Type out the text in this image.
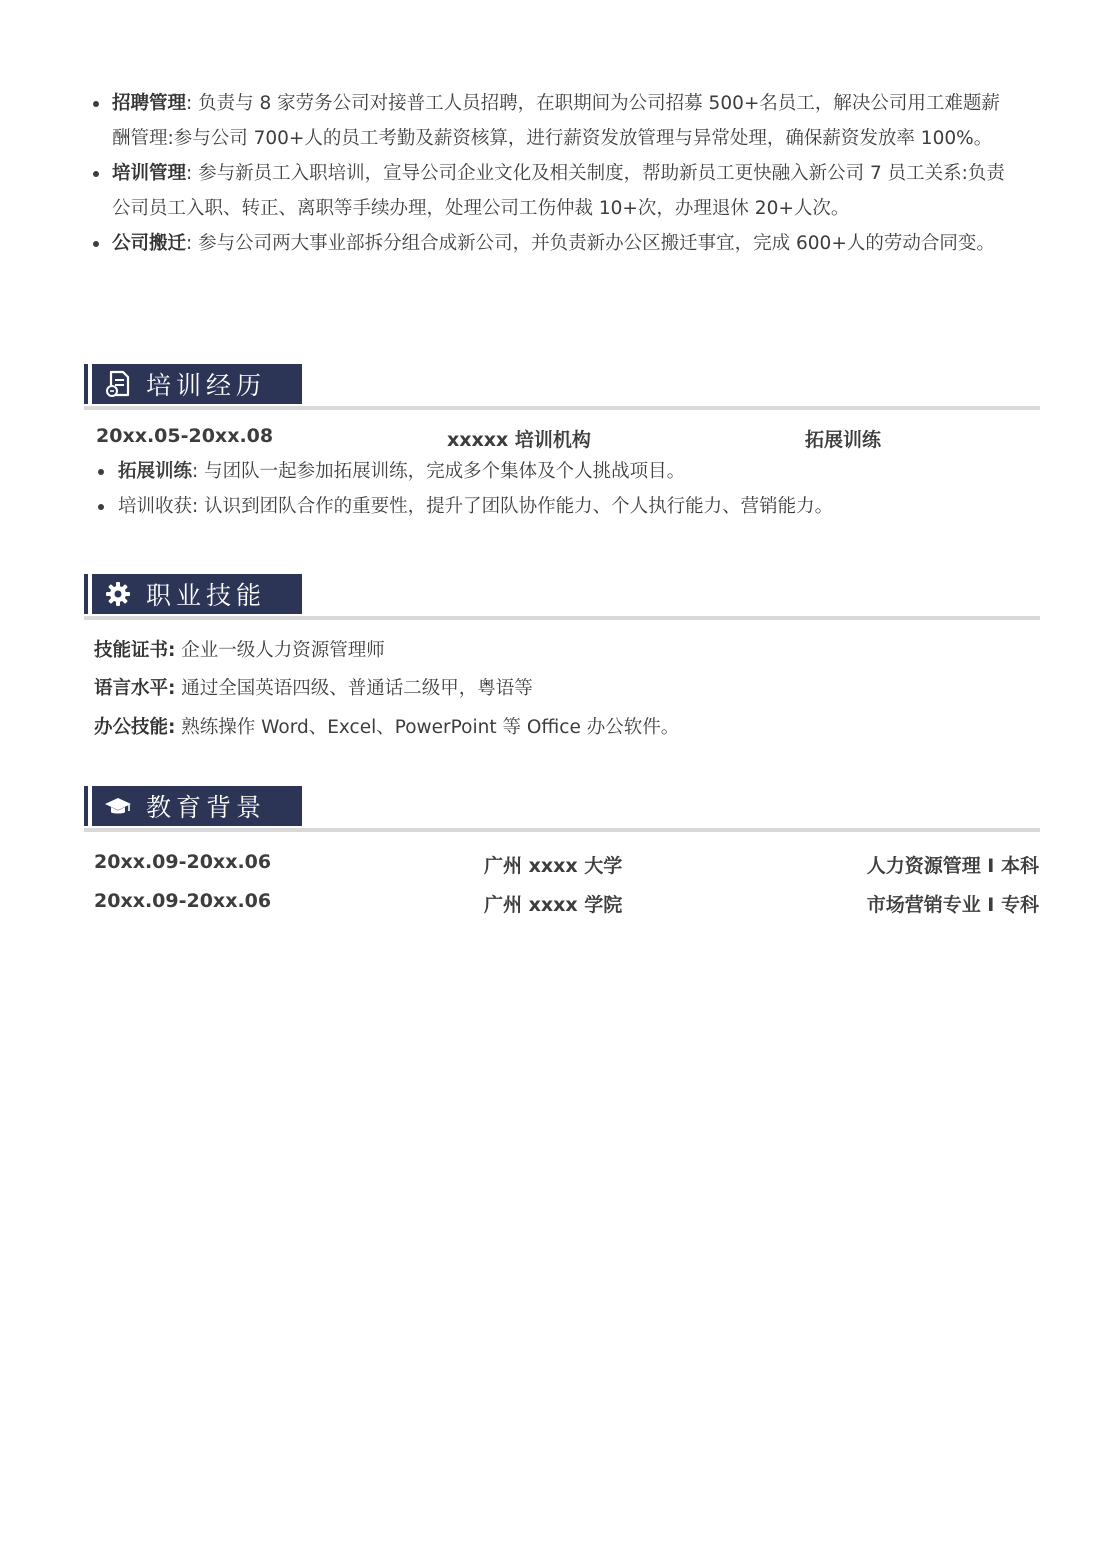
招聘管理: 负责与 8 家劳务公司对接普工人员招聘，在职期间为公司招募 500+名员工，解决公司用工难题薪酬管理:参与公司 700+人的员工考勤及薪资核算，进行薪资发放管理与异常处理，确保薪资发放率 100%。
培训管理: 参与新员工入职培训，宣导公司企业文化及相关制度，帮助新员工更快融入新公司 7 员工关系:负责公司员工入职、转正、离职等手续办理，处理公司工伤仲裁 10+次，办理退休 20+人次。
公司搬迁: 参与公司两大事业部拆分组合成新公司，并负责新办公区搬迁事宜，完成 600+人的劳动合同变。
培训经历
20xx.05-20xx.08	xxxxx 培训机构	拓展训练
拓展训练: 与团队一起参加拓展训练，完成多个集体及个人挑战项目。
培训收获: 认识到团队合作的重要性，提升了团队协作能力、个人执行能力、营销能力。
职业技能
技能证书: 企业一级人力资源管理师
语言水平: 通过全国英语四级、普通话二级甲，粤语等
办公技能: 熟练操作 Word、Excel、PowerPoint 等 Office 办公软件。
教育背景
20xx.09-20xx.06	广州 xxxx 大学	人力资源管理 I 本科
20xx.09-20xx.06	广州 xxxx 学院	市场营销专业 I 专科
